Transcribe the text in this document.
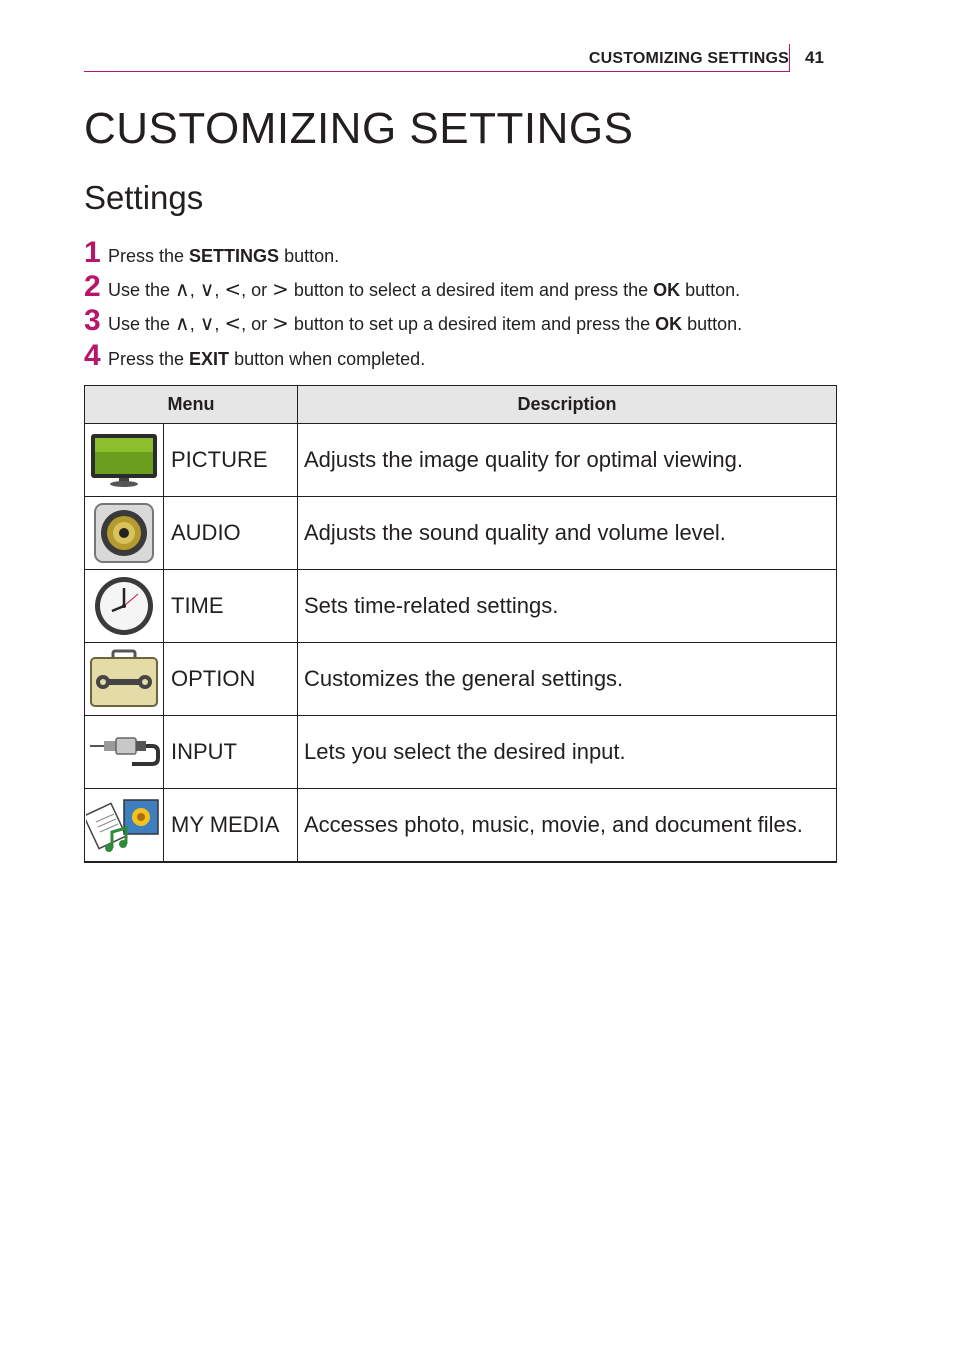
CUSTOMIZING SETTINGS 41
CUSTOMIZING SETTINGS
Settings
1 Press the SETTINGS button.
2 Use the ∧, ∨, <, or > button to select a desired item and press the OK button.
3 Use the ∧, ∨, <, or > button to set up a desired item and press the OK button.
4 Press the EXIT button when completed.
Menu		Description

	PICTURE	Adjusts the image quality for optimal viewing.

	AUDIO	Adjusts the sound quality and volume level.

	TIME	Sets time-related settings.

	OPTION	Customizes the general settings.

	INPUT	Lets you select the desired input.

	MY MEDIA	Accesses photo, music, movie, and document files.
